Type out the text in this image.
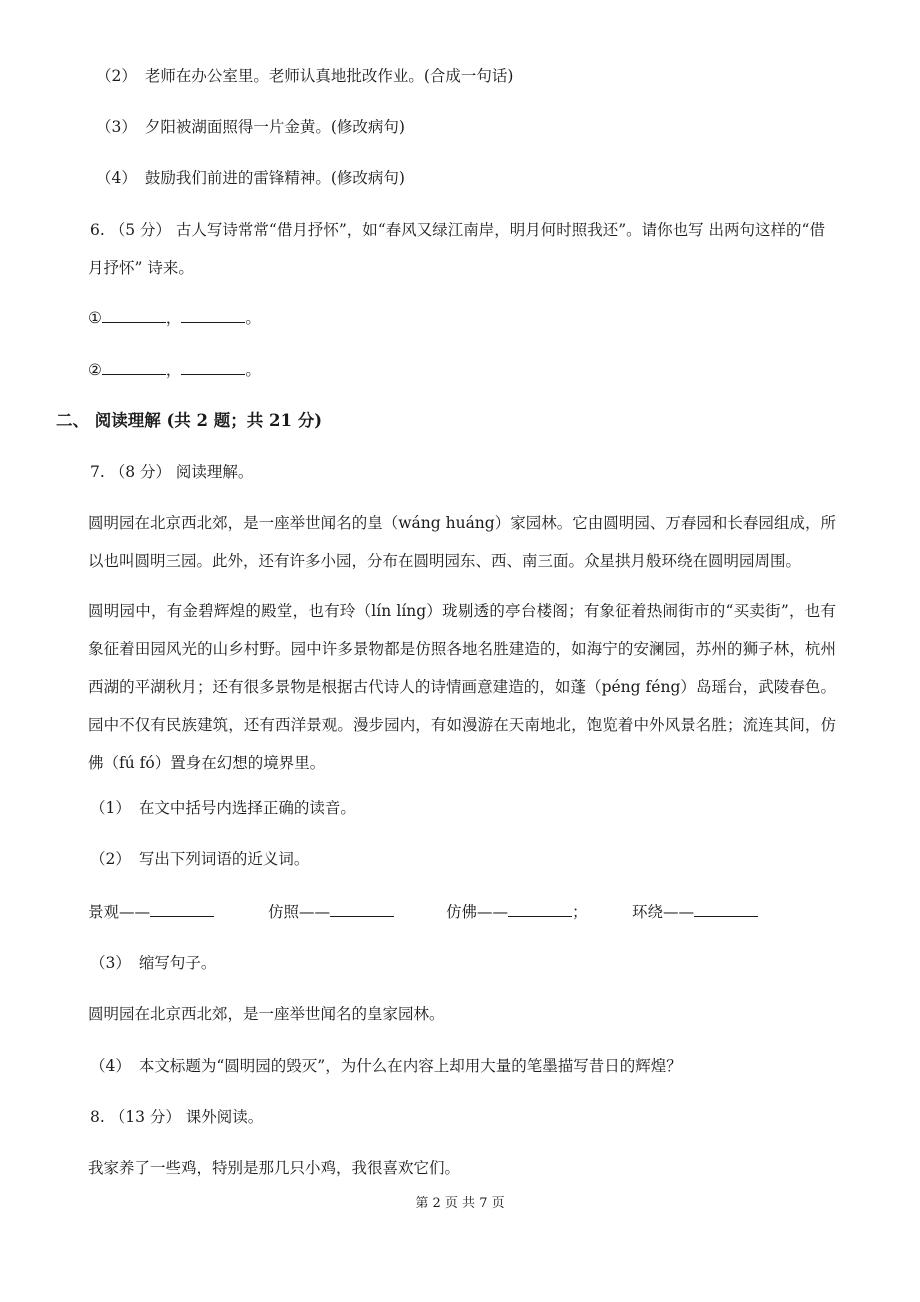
（2） 老师在办公室里。老师认真地批改作业。(合成一句话)
（3） 夕阳被湖面照得一片金黄。(修改病句)
（4） 鼓励我们前进的雷锋精神。(修改病句)
6. （5 分） 古人写诗常常“借月抒怀”，如“春风又绿江南岸，明月何时照我还”。请你也写 出两句这样的“借
月抒怀” 诗来。
①	，	。
②	，	。
二、 阅读理解 (共 2 题；共 21 分)
7. （8 分） 阅读理解。
圆明园在北京西北郊，是一座举世闻名的皇（wáng huáng）家园林。它由圆明园、万春园和长春园组成，所以也叫圆明三园。此外，还有许多小园，分布在圆明园东、西、南三面。众星拱月般环绕在圆明园周围。
圆明园中，有金碧辉煌的殿堂，也有玲（lín líng）珑剔透的亭台楼阁；有象征着热闹街市的“买卖街”，也有象征着田园风光的山乡村野。园中许多景物都是仿照各地名胜建造的，如海宁的安澜园，苏州的狮子林，杭州西湖的平湖秋月；还有很多景物是根据古代诗人的诗情画意建造的，如蓬（péng féng）岛瑶台，武陵春色。园中不仅有民族建筑，还有西洋景观。漫步园内，有如漫游在天南地北，饱览着中外风景名胜；流连其间，仿佛（fú fó）置身在幻想的境界里。
（1） 在文中括号内选择正确的读音。
（2） 写出下列词语的近义词。
景观——	仿照——	仿佛——	；	环绕——
（3） 缩写句子。
圆明园在北京西北郊，是一座举世闻名的皇家园林。
（4） 本文标题为“圆明园的毁灭”，为什么在内容上却用大量的笔墨描写昔日的辉煌？
8. （13 分） 课外阅读。
我家养了一些鸡，特别是那几只小鸡，我很喜欢它们。
第 2 页 共 7 页
